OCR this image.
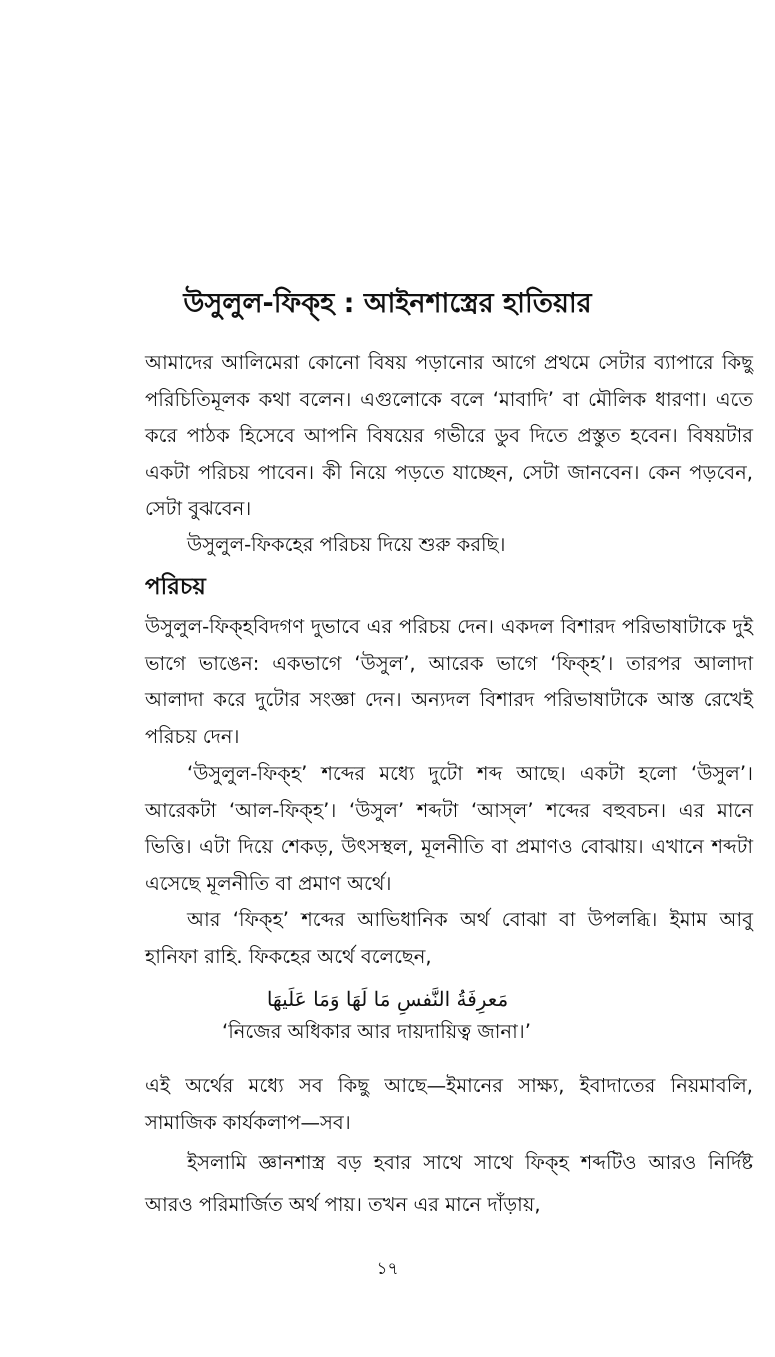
উসুলুল-ফিক্‌হ : আইনশাস্ত্রের হাতিয়ার

আমাদের আলিমেরা কোনো বিষয় পড়ানোর আগে প্রথমে সেটার ব্যাপারে কিছু পরিচিতিমূলক কথা বলেন। এগুলোকে বলে ‘মাবাদি’ বা মৌলিক ধারণা। এতে করে পাঠক হিসেবে আপনি বিষয়ের গভীরে ডুব দিতে প্রস্তুত হবেন। বিষয়টার একটা পরিচয় পাবেন। কী নিয়ে পড়তে যাচ্ছেন, সেটা জানবেন। কেন পড়বেন, সেটা বুঝবেন।

উসুলুল-ফিকহের পরিচয় দিয়ে শুরু করছি।

পরিচয়

উসুলুল-ফিক্‌হবিদগণ দুভাবে এর পরিচয় দেন। একদল বিশারদ পরিভাষাটাকে দুই ভাগে ভাঙেন: একভাগে ‘উসুল’, আরেক ভাগে ‘ফিক্‌হ’। তারপর আলাদা আলাদা করে দুটোর সংজ্ঞা দেন। অন্যদল বিশারদ পরিভাষাটাকে আস্ত রেখেই পরিচয় দেন।

‘উসুলুল-ফিক্‌হ’ শব্দের মধ্যে দুটো শব্দ আছে। একটা হলো ‘উসুল’। আরেকটা ‘আল-ফিক্‌হ’। ‘উসুল’ শব্দটা ‘আস্‌ল’ শব্দের বহুবচন। এর মানে ভিত্তি। এটা দিয়ে শেকড়, উৎসস্থল, মূলনীতি বা প্রমাণও বোঝায়। এখানে শব্দটা এসেছে মূলনীতি বা প্রমাণ অর্থে।

আর ‘ফিক্‌হ’ শব্দের আভিধানিক অর্থ বোঝা বা উপলব্ধি। ইমাম আবু হানিফা রাহি. ফিকহের অর্থে বলেছেন,

مَعرِفَةُ النَّفسِ مَا لَهَا وَمَا عَلَيهَا
‘নিজের অধিকার আর দায়দায়িত্ব জানা।’

এই অর্থের মধ্যে সব কিছু আছে—ইমানের সাক্ষ্য, ইবাদাতের নিয়মাবলি, সামাজিক কার্যকলাপ—সব।

ইসলামি জ্ঞানশাস্ত্র বড় হবার সাথে সাথে ফিক্‌হ শব্দটিও আরও নির্দিষ্ট আরও পরিমার্জিত অর্থ পায়। তখন এর মানে দাঁড়ায়,

১৭
